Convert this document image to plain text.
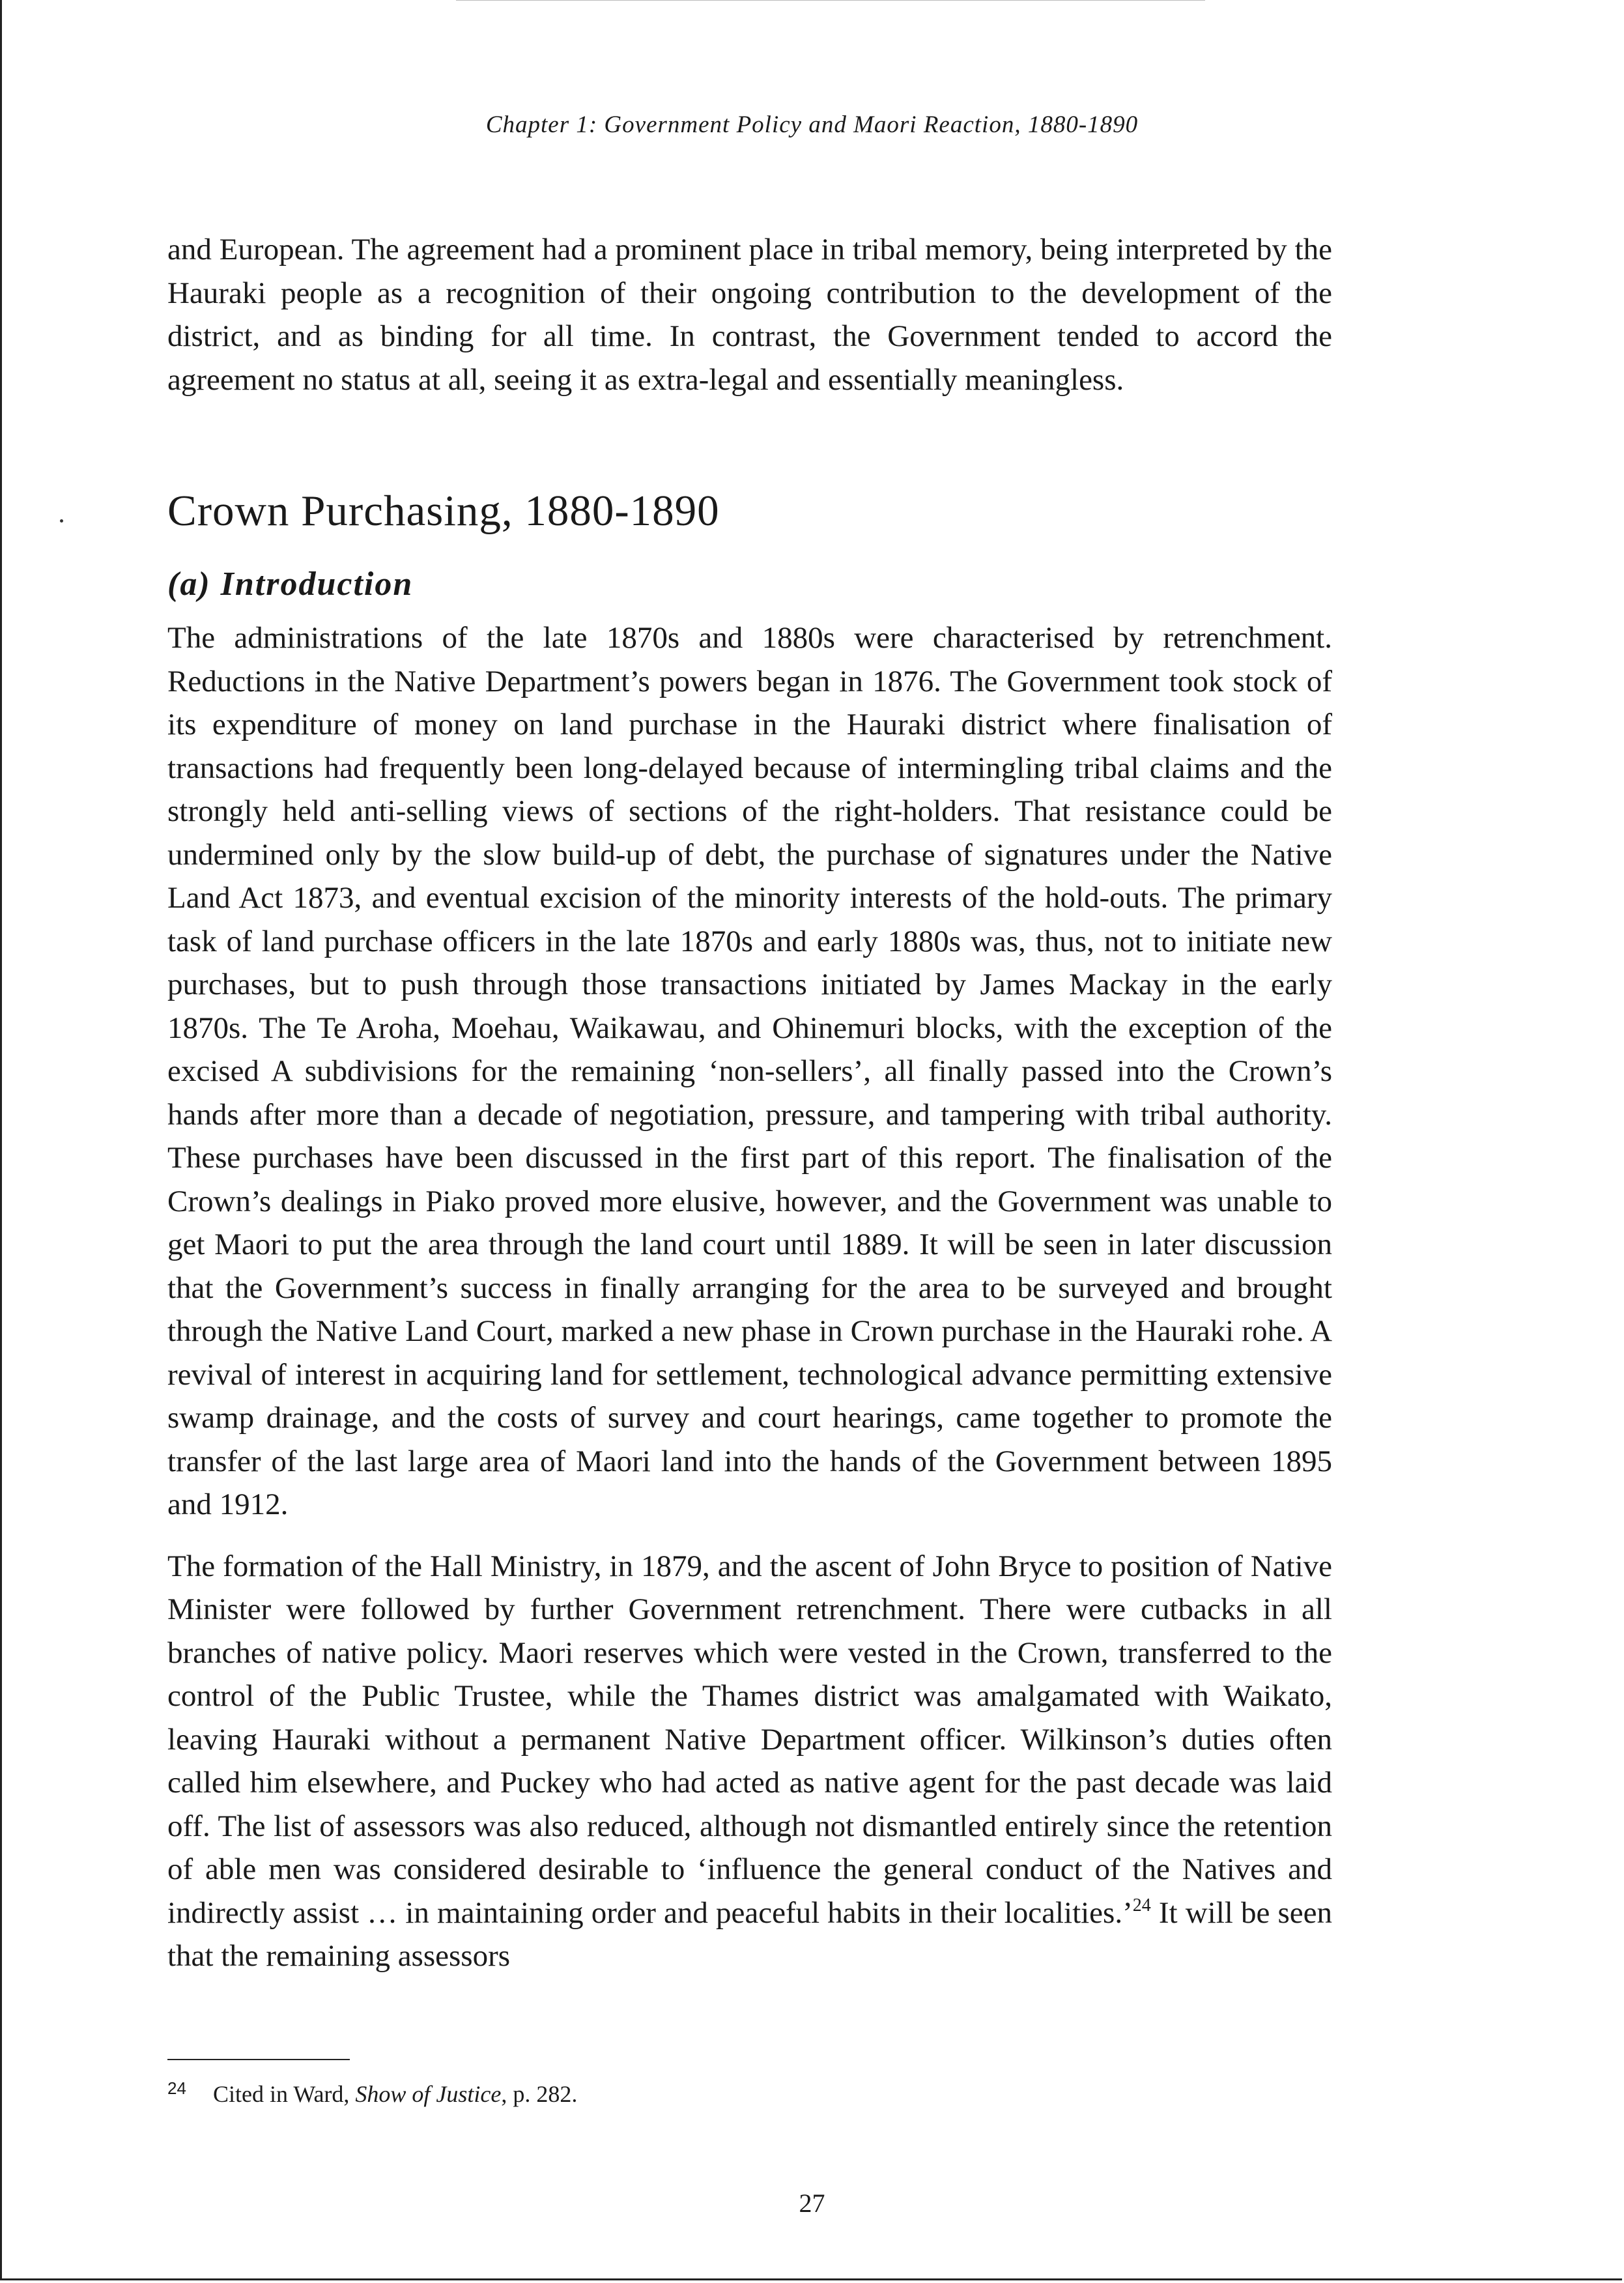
Chapter 1: Government Policy and Maori Reaction, 1880-1890

and European. The agreement had a prominent place in tribal memory, being interpreted by the Hauraki people as a recognition of their ongoing contribution to the development of the district, and as binding for all time. In contrast, the Government tended to accord the agreement no status at all, seeing it as extra-legal and essentially meaningless.

Crown Purchasing, 1880-1890
(a) Introduction

The administrations of the late 1870s and 1880s were characterised by retrenchment. Reductions in the Native Department’s powers began in 1876. The Government took stock of its expenditure of money on land purchase in the Hauraki district where finalisation of transactions had frequently been long-delayed because of intermingling tribal claims and the strongly held anti-selling views of sections of the right-holders. That resistance could be undermined only by the slow build-up of debt, the purchase of signatures under the Native Land Act 1873, and eventual excision of the minority interests of the hold-outs. The primary task of land purchase officers in the late 1870s and early 1880s was, thus, not to initiate new purchases, but to push through those transactions initiated by James Mackay in the early 1870s. The Te Aroha, Moehau, Waikawau, and Ohinemuri blocks, with the exception of the excised A subdivisions for the remaining ‘non-sellers’, all finally passed into the Crown’s hands after more than a decade of negotiation, pressure, and tampering with tribal authority. These purchases have been discussed in the first part of this report. The finalisation of the Crown’s dealings in Piako proved more elusive, however, and the Government was unable to get Maori to put the area through the land court until 1889. It will be seen in later discussion that the Government’s success in finally arranging for the area to be surveyed and brought through the Native Land Court, marked a new phase in Crown purchase in the Hauraki rohe. A revival of interest in acquiring land for settlement, technological advance permitting extensive swamp drainage, and the costs of survey and court hearings, came together to promote the transfer of the last large area of Maori land into the hands of the Government between 1895 and 1912.

The formation of the Hall Ministry, in 1879, and the ascent of John Bryce to position of Native Minister were followed by further Government retrenchment. There were cutbacks in all branches of native policy. Maori reserves which were vested in the Crown, transferred to the control of the Public Trustee, while the Thames district was amalgamated with Waikato, leaving Hauraki without a permanent Native Department officer. Wilkinson’s duties often called him elsewhere, and Puckey who had acted as native agent for the past decade was laid off. The list of assessors was also reduced, although not dismantled entirely since the retention of able men was considered desirable to ‘influence the general conduct of the Natives and indirectly assist … in maintaining order and peaceful habits in their localities.’$^{24}$ It will be seen that the remaining assessors

24 Cited in Ward, Show of Justice, p. 282.
27
